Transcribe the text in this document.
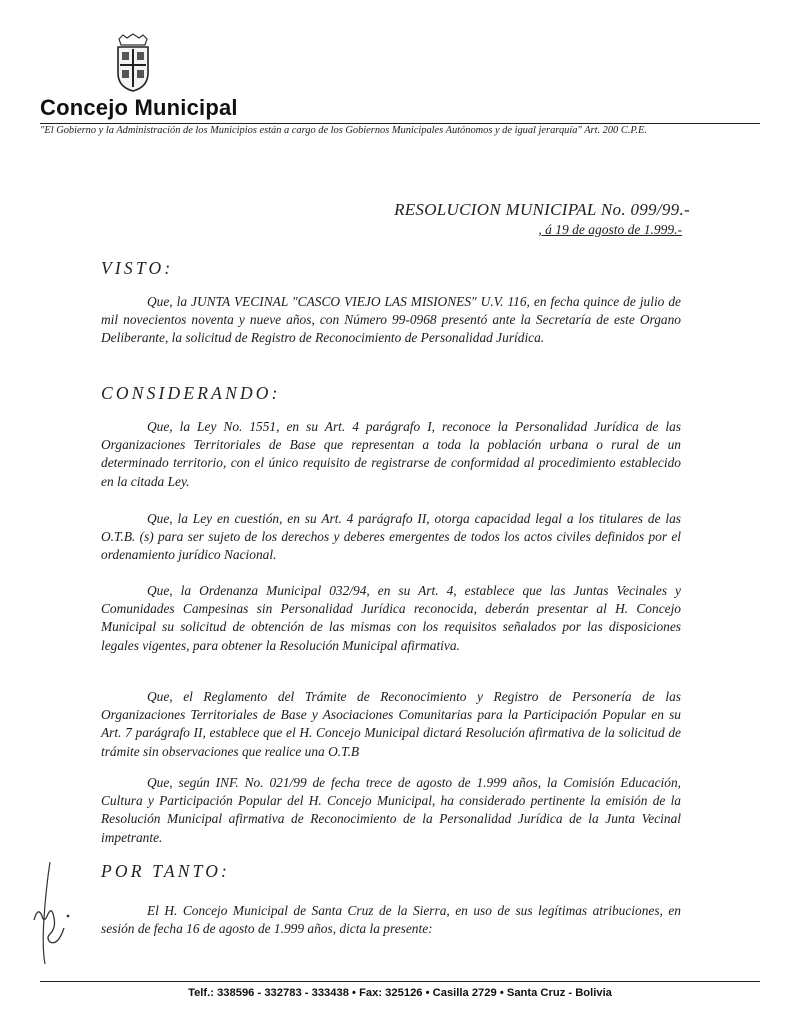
Concejo Municipal
"El Gobierno y la Administración de los Municipios están a cargo de los Gobiernos Municipales Autónomos y de igual jerarquía" Art. 200 C.P.E.
RESOLUCION MUNICIPAL No. 099/99.-
, á 19 de agosto de 1.999.-
VISTO:

Que, la JUNTA VECINAL "CASCO VIEJO LAS MISIONES" U.V. 116, en fecha quince de julio de mil novecientos noventa y nueve años, con Número 99-0968 presentó ante la Secretaría de este Organo Deliberante, la solicitud de Registro de Reconocimiento de Personalidad Jurídica.

CONSIDERANDO:

Que, la Ley No. 1551, en su Art. 4 parágrafo I, reconoce la Personalidad Jurídica de las Organizaciones Territoriales de Base que representan a toda la población urbana o rural de un determinado territorio, con el único requisito de registrarse de conformidad al procedimiento establecido en la citada Ley.

Que, la Ley en cuestión, en su Art. 4 parágrafo II, otorga capacidad legal a los titulares de las O.T.B. (s) para ser sujeto de los derechos y deberes emergentes de todos los actos civiles definidos por el ordenamiento jurídico Nacional.

Que, la Ordenanza Municipal 032/94, en su Art. 4, establece que las Juntas Vecinales y Comunidades Campesinas sin Personalidad Jurídica reconocida, deberán presentar al H. Concejo Municipal su solicitud de obtención de las mismas con los requisitos señalados por las disposiciones legales vigentes, para obtener la Resolución Municipal afirmativa.

Que, el Reglamento del Trámite de Reconocimiento y Registro de Personería de las Organizaciones Territoriales de Base y Asociaciones Comunitarias para la Participación Popular en su Art. 7 parágrafo II, establece que el H. Concejo Municipal dictará Resolución afirmativa de la solicitud de trámite sin observaciones que realice una O.T.B

Que, según INF. No. 021/99 de fecha trece de agosto de 1.999 años, la Comisión Educación, Cultura y Participación Popular del H. Concejo Municipal, ha considerado pertinente la emisión de la Resolución Municipal afirmativa de Reconocimiento de la Personalidad Jurídica de la Junta Vecinal impetrante.

POR TANTO:

El H. Concejo Municipal de Santa Cruz de la Sierra, en uso de sus legítimas atribuciones, en sesión de fecha 16 de agosto de 1.999 años, dicta la presente:

Telf.: 338596 - 332783 - 333438 • Fax: 325126 • Casilla 2729 • Santa Cruz - Bolivia
